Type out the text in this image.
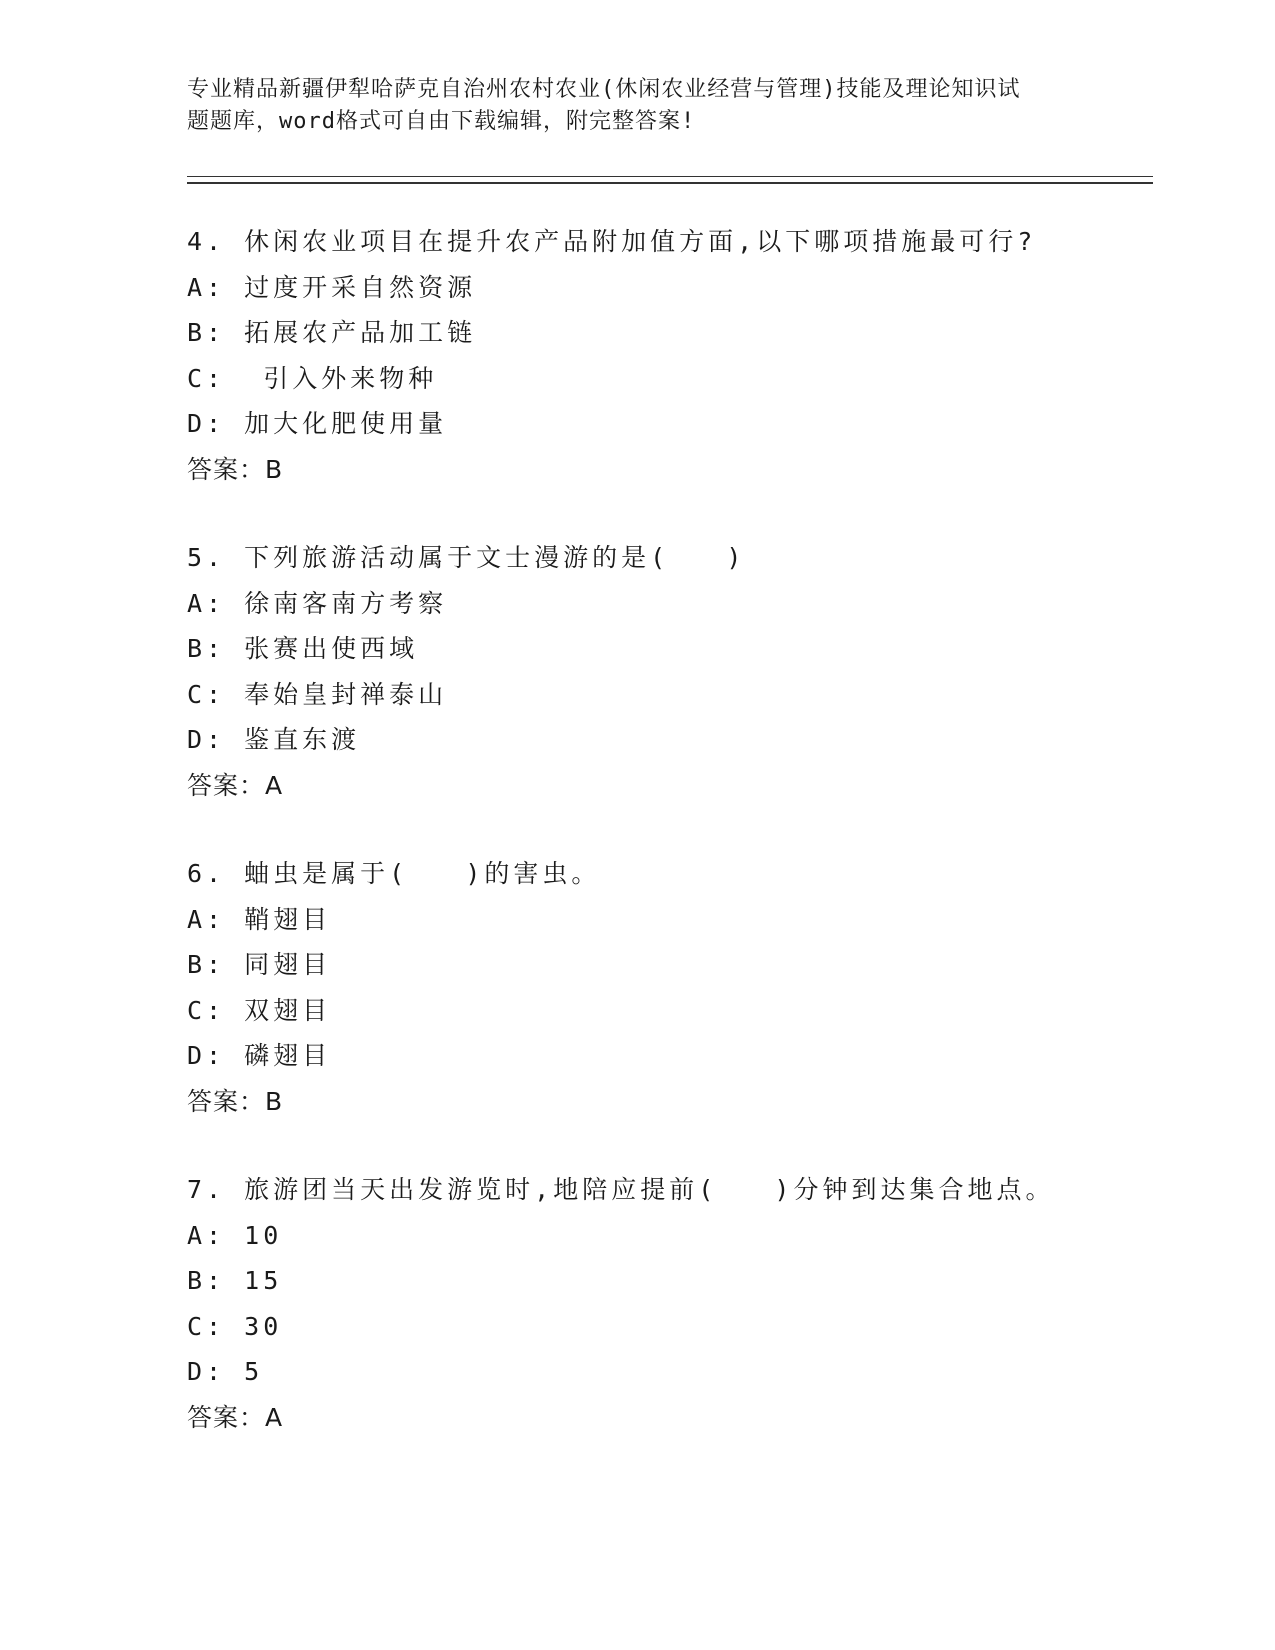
专业精品新疆伊犁哈萨克自治州农村农业(休闲农业经营与管理)技能及理论知识试
题题库，word格式可自由下载编辑，附完整答案!
4. 休闲农业项目在提升农产品附加值方面,以下哪项措施最可行?
A: 过度开采自然资源
B: 拓展农产品加工链
C:  引入外来物种
D: 加大化肥使用量
答案：B
5. 下列旅游活动属于文士漫游的是(   )
A: 徐南客南方考察
B: 张赛出使西域
C: 奉始皇封禅泰山
D: 鉴直东渡
答案：A
6. 蚰虫是属于(   )的害虫。
A: 鞘翅目
B: 同翅目
C: 双翅目
D: 磷翅目
答案：B
7. 旅游团当天出发游览时,地陪应提前(   )分钟到达集合地点。
A: 10
B: 15
C: 30
D: 5
答案：A
